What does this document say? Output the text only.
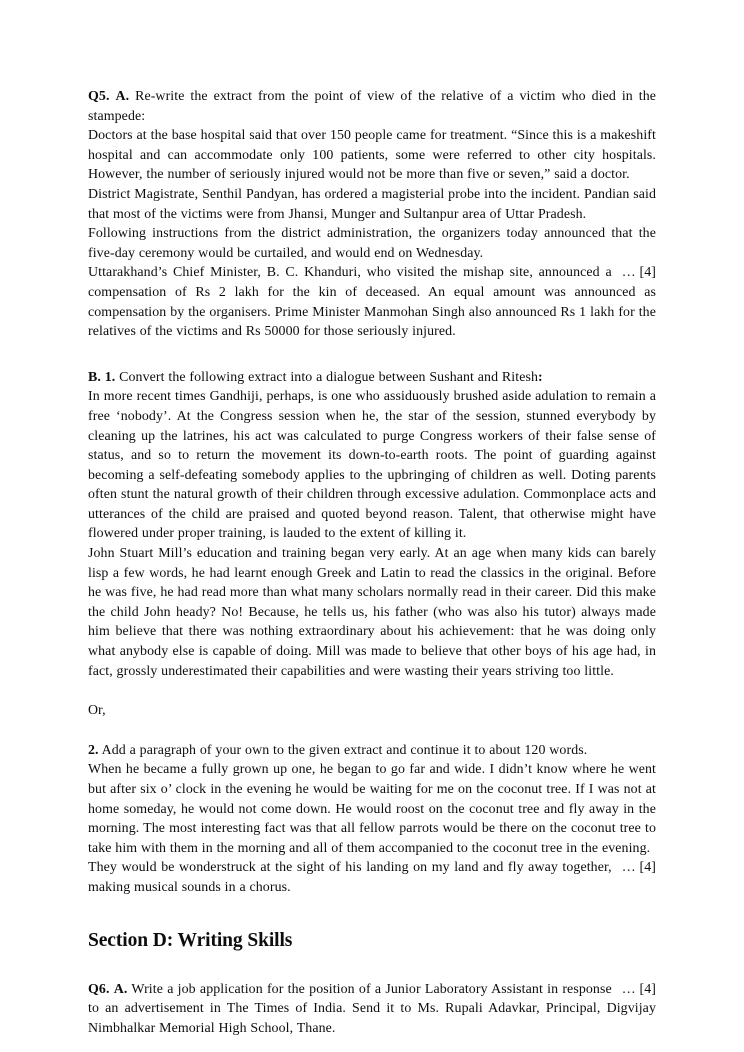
Q5. A. Re-write the extract from the point of view of the relative of a victim who died in the stampede:

Doctors at the base hospital said that over 150 people came for treatment. “Since this is a makeshift hospital and can accommodate only 100 patients, some were referred to other city hospitals. However, the number of seriously injured would not be more than five or seven,” said a doctor.

District Magistrate, Senthil Pandyan, has ordered a magisterial probe into the incident. Pandian said that most of the victims were from Jhansi, Munger and Sultanpur area of Uttar Pradesh.

Following instructions from the district administration, the organizers today announced that the five-day ceremony would be curtailed, and would end on Wednesday.

… [4]
Uttarakhand’s Chief Minister, B. C. Khanduri, who visited the mishap site, announced a compensation of Rs 2 lakh for the kin of deceased. An equal amount was announced as compensation by the organisers. Prime Minister Manmohan Singh also announced Rs 1 lakh for the relatives of the victims and Rs 50000 for those seriously injured.

B. 1. Convert the following extract into a dialogue between Sushant and Ritesh:

In more recent times Gandhiji, perhaps, is one who assiduously brushed aside adulation to remain a free ‘nobody’. At the Congress session when he, the star of the session, stunned everybody by cleaning up the latrines, his act was calculated to purge Congress workers of their false sense of status, and so to return the movement its down-to-earth roots. The point of guarding against becoming a self-defeating somebody applies to the upbringing of children as well. Doting parents often stunt the natural growth of their children through excessive adulation. Commonplace acts and utterances of the child are praised and quoted beyond reason. Talent, that otherwise might have flowered under proper training, is lauded to the extent of killing it.

John Stuart Mill’s education and training began very early. At an age when many kids can barely lisp a few words, he had learnt enough Greek and Latin to read the classics in the original. Before he was five, he had read more than what many scholars normally read in their career. Did this make the child John heady? No! Because, he tells us, his father (who was also his tutor) always made him believe that there was nothing extraordinary about his achievement: that he was doing only what anybody else is capable of doing. Mill was made to believe that other boys of his age had, in fact, grossly underestimated their capabilities and were wasting their years striving too little.

Or,

2. Add a paragraph of your own to the given extract and continue it to about 120 words.

When he became a fully grown up one, he began to go far and wide. I didn’t know where he went but after six o’ clock in the evening he would be waiting for me on the coconut tree. If I was not at home someday, he would not come down. He would roost on the coconut tree and fly away in the morning. The most interesting fact was that all fellow parrots would be there on the coconut tree to take him with them in the morning and all of them accompanied to the coconut tree in the evening.

… [4]
They would be wonderstruck at the sight of his landing on my land and fly away together, making musical sounds in a chorus.

Section D: Writing Skills

… [4]
Q6. A. Write a job application for the position of a Junior Laboratory Assistant in response to an advertisement in The Times of India. Send it to Ms. Rupali Adavkar, Principal, Digvijay Nimbhalkar Memorial High School, Thane.
